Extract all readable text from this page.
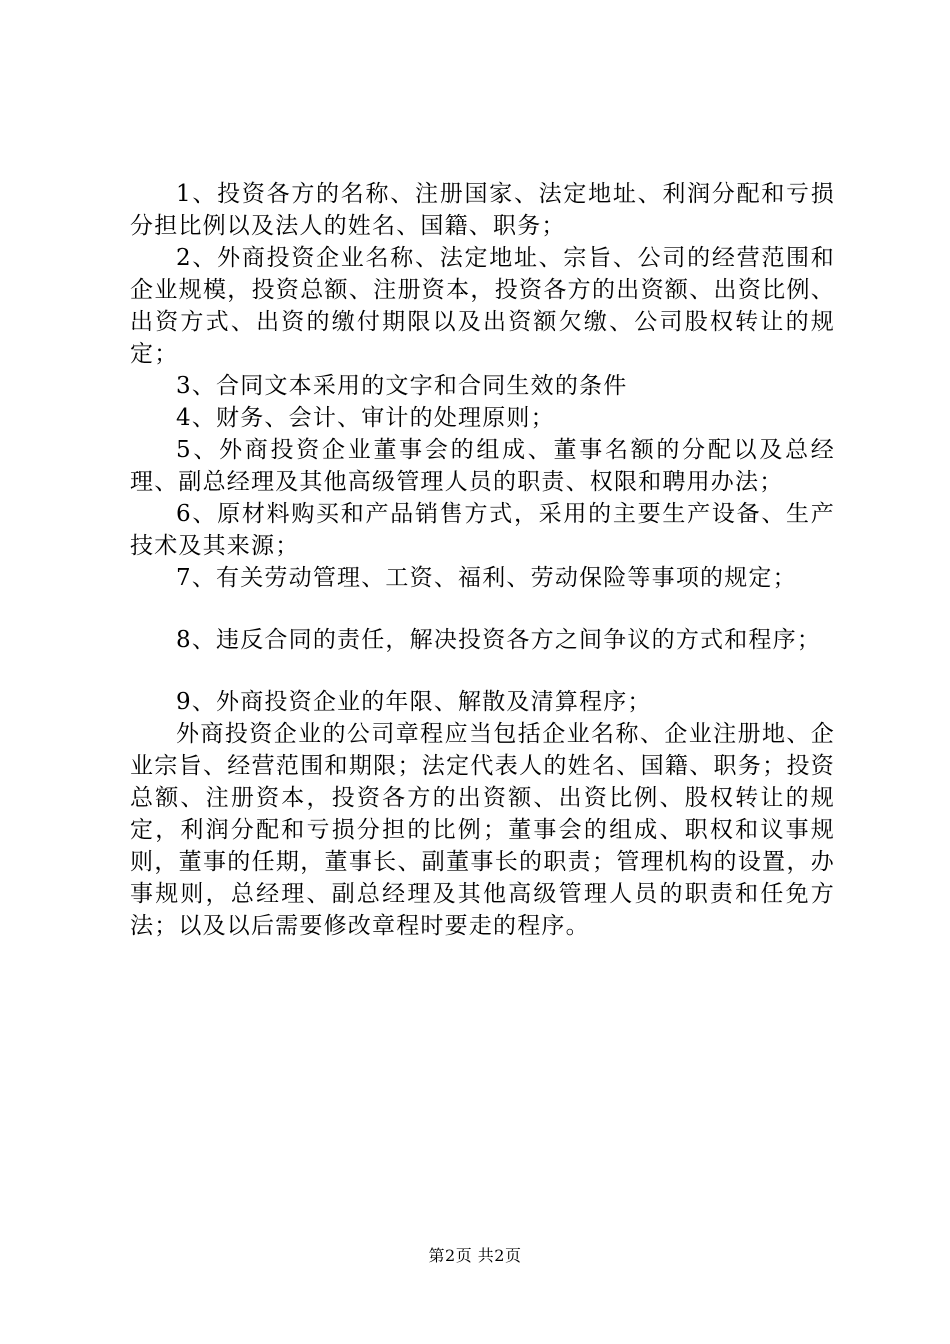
1、投资各方的名称、注册国家、法定地址、利润分配和亏损分担比例以及法人的姓名、国籍、职务；

2、外商投资企业名称、法定地址、宗旨、公司的经营范围和企业规模，投资总额、注册资本，投资各方的出资额、出资比例、出资方式、出资的缴付期限以及出资额欠缴、公司股权转让的规定；

3、合同文本采用的文字和合同生效的条件

4、财务、会计、审计的处理原则；

5、外商投资企业董事会的组成、董事名额的分配以及总经理、副总经理及其他高级管理人员的职责、权限和聘用办法；

6、原材料购买和产品销售方式，采用的主要生产设备、生产技术及其来源；

7、有关劳动管理、工资、福利、劳动保险等事项的规定；

8、违反合同的责任，解决投资各方之间争议的方式和程序；

9、外商投资企业的年限、解散及清算程序；

外商投资企业的公司章程应当包括企业名称、企业注册地、企业宗旨、经营范围和期限；法定代表人的姓名、国籍、职务；投资总额、注册资本，投资各方的出资额、出资比例、股权转让的规定，利润分配和亏损分担的比例；董事会的组成、职权和议事规则，董事的任期，董事长、副董事长的职责；管理机构的设置，办事规则，总经理、副总经理及其他高级管理人员的职责和任免方法；以及以后需要修改章程时要走的程序。

第2页 共2页
